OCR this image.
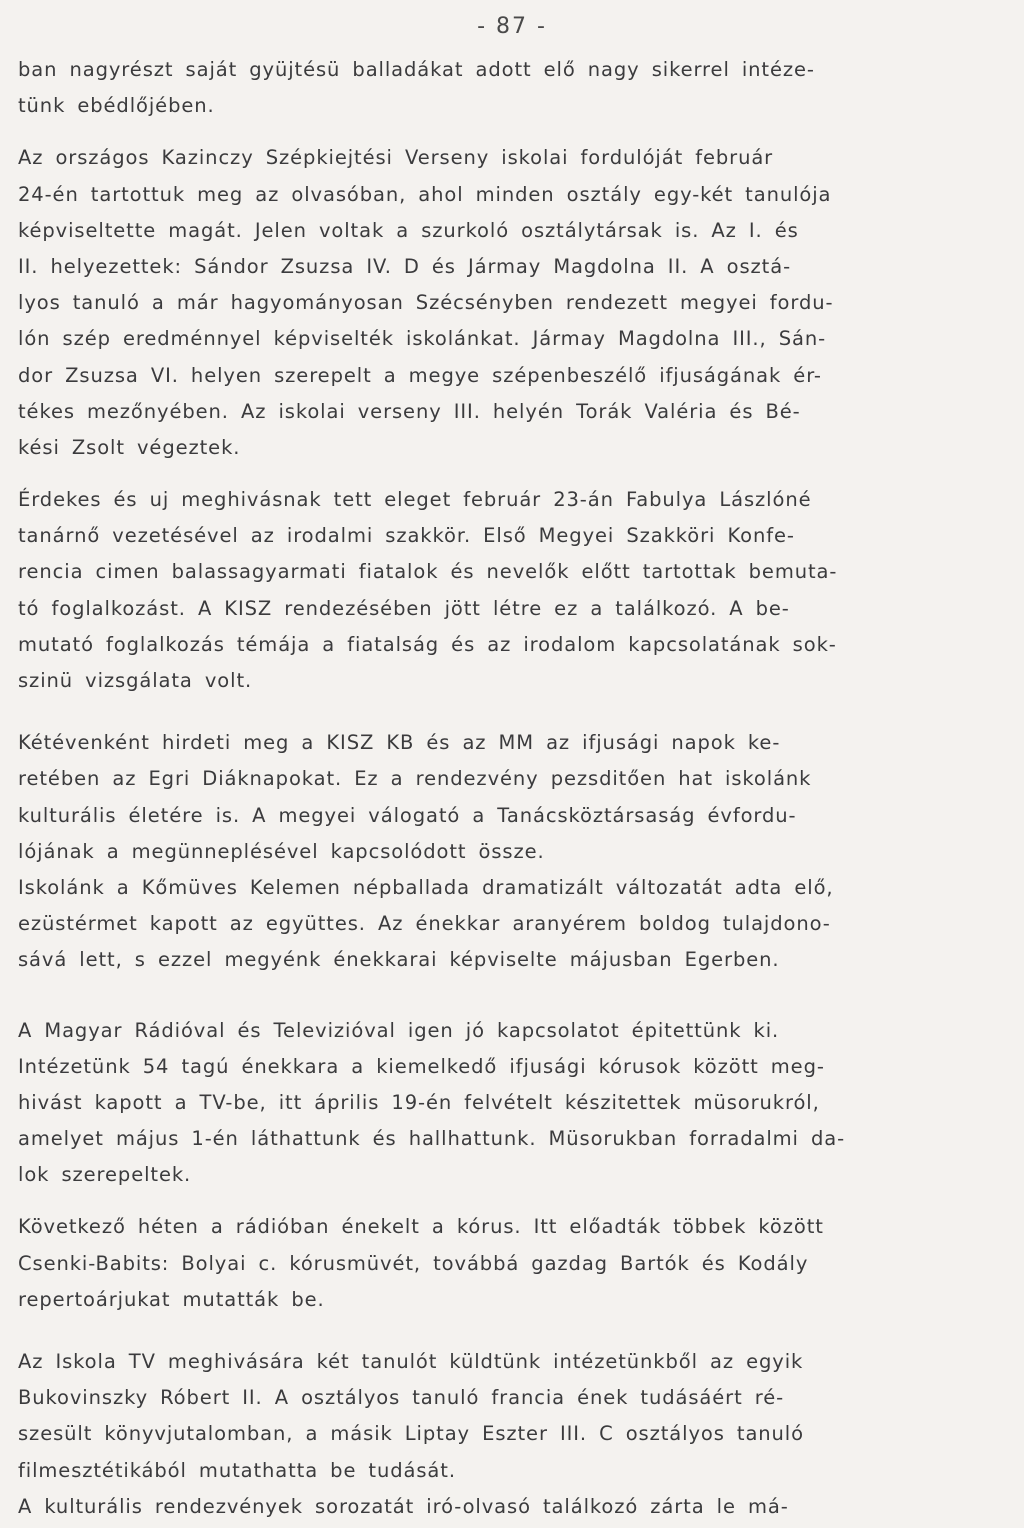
- 87 -
ban nagyrészt saját gyüjtésü balladákat adott elő nagy sikerrel intéze-
tünk ebédlőjében.
Az országos Kazinczy Szépkiejtési Verseny iskolai fordulóját február
24-én tartottuk meg az olvasóban, ahol minden osztály egy-két tanulója
képviseltette magát. Jelen voltak a szurkoló osztálytársak is. Az I. és
II. helyezettek: Sándor Zsuzsa IV. D és Jármay Magdolna II. A osztá-
lyos tanuló a már hagyományosan Szécsényben rendezett megyei fordu-
lón szép eredménnyel képviselték iskolánkat. Jármay Magdolna III., Sán-
dor Zsuzsa VI. helyen szerepelt a megye szépenbeszélő ifjuságának ér-
tékes mezőnyében. Az iskolai verseny III. helyén Torák Valéria és Bé-
kési Zsolt végeztek.
Érdekes és uj meghivásnak tett eleget február 23-án Fabulya Lászlóné
tanárnő vezetésével az irodalmi szakkör. Első Megyei Szakköri Konfe-
rencia cimen balassagyarmati fiatalok és nevelők előtt tartottak bemuta-
tó foglalkozást. A KISZ rendezésében jött létre ez a találkozó. A be-
mutató foglalkozás témája a fiatalság és az irodalom kapcsolatának sok-
szinü vizsgálata volt.
Kétévenként hirdeti meg a KISZ KB és az MM az ifjusági napok ke-
retében az Egri Diáknapokat. Ez a rendezvény pezsditően hat iskolánk
kulturális életére is. A megyei válogató a Tanácsköztársaság évfordu-
lójának a megünneplésével kapcsolódott össze.
Iskolánk a Kőmüves Kelemen népballada dramatizált változatát adta elő,
ezüstérmet kapott az együttes. Az énekkar aranyérem boldog tulajdono-
sává lett, s ezzel megyénk énekkarai képviselte májusban Egerben.
A Magyar Rádióval és Televizióval igen jó kapcsolatot épitettünk ki.
Intézetünk 54 tagú énekkara a kiemelkedő ifjusági kórusok között meg-
hivást kapott a TV-be, itt április 19-én felvételt készitettek müsorukról,
amelyet május 1-én láthattunk és hallhattunk. Müsorukban forradalmi da-
lok szerepeltek.
Következő héten a rádióban énekelt a kórus. Itt előadták többek között
Csenki-Babits: Bolyai c. kórusmüvét, továbbá gazdag Bartók és Kodály
repertoárjukat mutatták be.
Az Iskola TV meghivására két tanulót küldtünk intézetünkből az egyik
Bukovinszky Róbert II. A osztályos tanuló francia ének tudásáért ré-
szesült könyvjutalomban, a másik Liptay Eszter III. C osztályos tanuló
filmesztétikából mutathatta be tudását.
A kulturális rendezvények sorozatát iró-olvasó találkozó zárta le má-
